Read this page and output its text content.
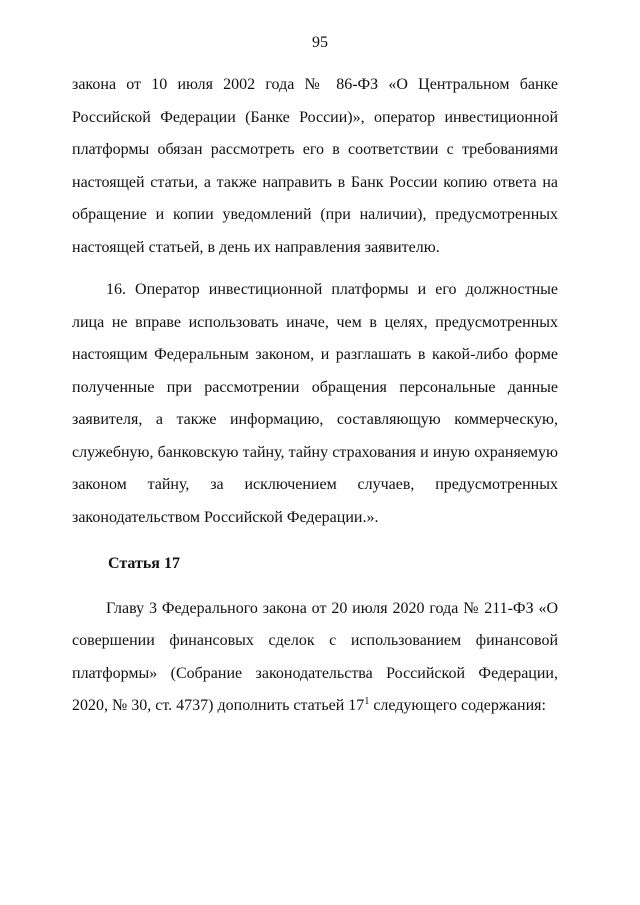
95

закона от 10 июля 2002 года № 86-ФЗ «О Центральном банке Российской Федерации (Банке России)», оператор инвестиционной платформы обязан рассмотреть его в соответствии с требованиями настоящей статьи, а также направить в Банк России копию ответа на обращение и копии уведомлений (при наличии), предусмотренных настоящей статьей, в день их направления заявителю.

16. Оператор инвестиционной платформы и его должностные лица не вправе использовать иначе, чем в целях, предусмотренных настоящим Федеральным законом, и разглашать в какой-либо форме полученные при рассмотрении обращения персональные данные заявителя, а также информацию, составляющую коммерческую, служебную, банковскую тайну, тайну страхования и иную охраняемую законом тайну, за исключением случаев, предусмотренных законодательством Российской Федерации.».

Статья 17

Главу 3 Федерального закона от 20 июля 2020 года № 211-ФЗ «О совершении финансовых сделок с использованием финансовой платформы» (Собрание законодательства Российской Федерации, 2020, № 30, ст. 4737) дополнить статьей $17^1$ следующего содержания:
